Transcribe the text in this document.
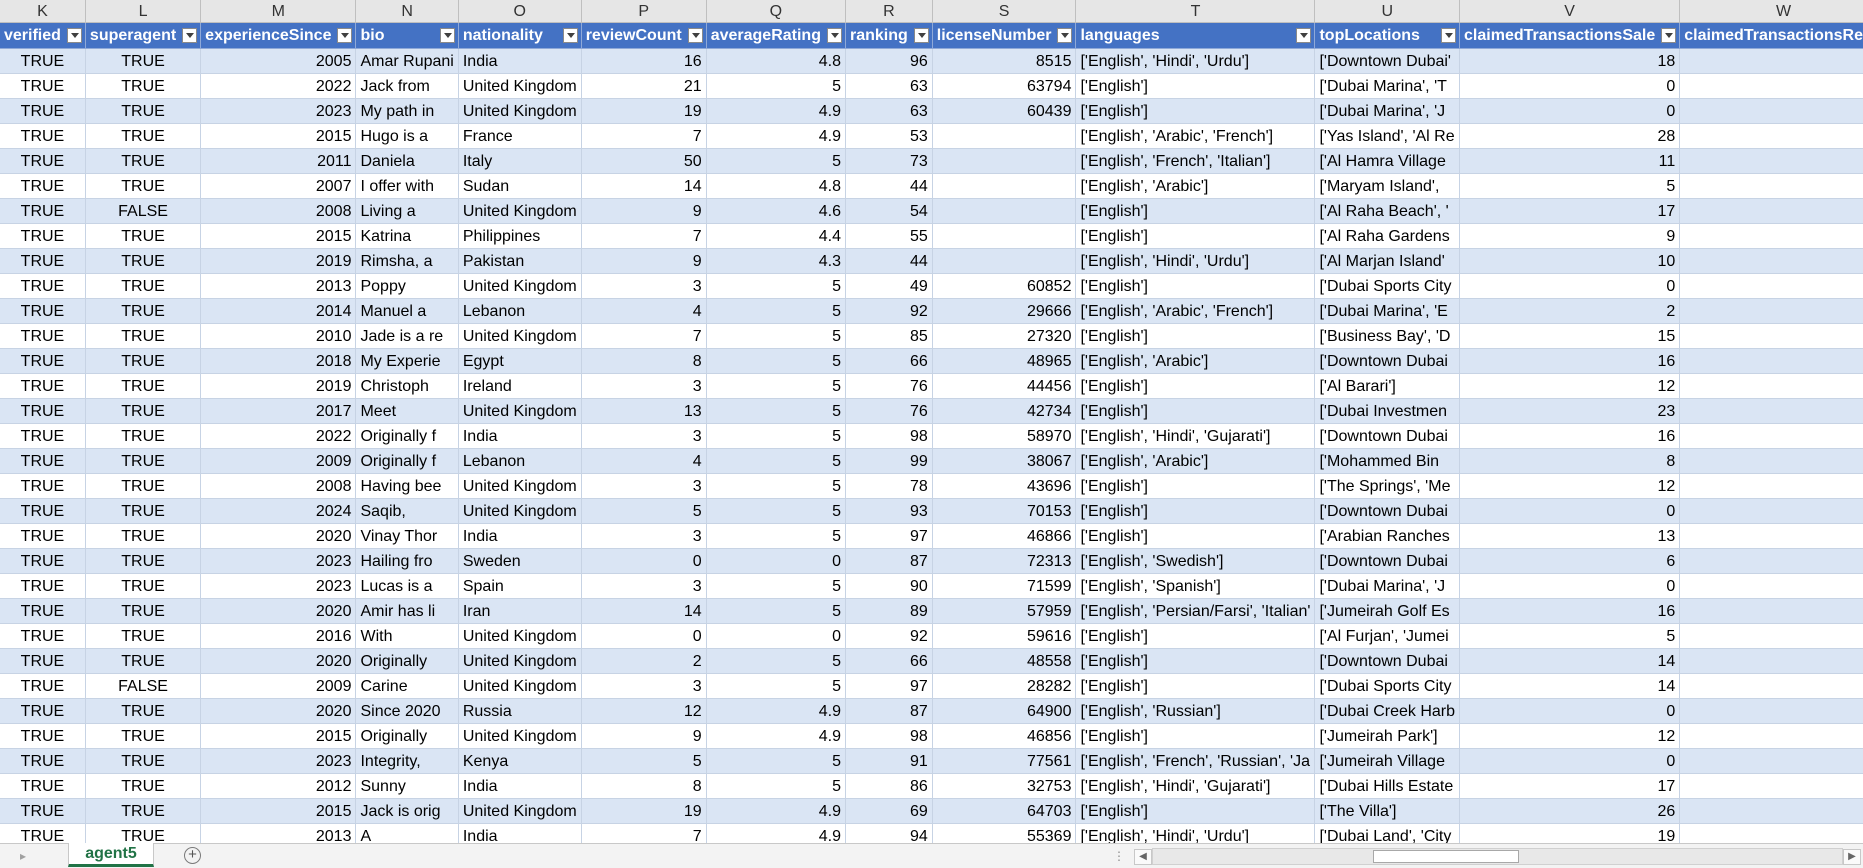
K	L	M	N	O	P	Q	R	S	T	U	V	W
verified	superagent	experienceSince	bio	nationality	reviewCount	averageRating	ranking	licenseNumber	languages	topLocations	claimedTransactionsSale	claimedTransactionsRe
TRUE	TRUE	2005	Amar Rupani	India	16	4.8	96	8515	['English', 'Hindi', 'Urdu']	['Downtown Dubai'	18	
TRUE	TRUE	2022	Jack from	United Kingdom	21	5	63	63794	['English']	['Dubai Marina', 'T	0	
TRUE	TRUE	2023	My path in	United Kingdom	19	4.9	63	60439	['English']	['Dubai Marina', 'J	0	
TRUE	TRUE	2015	Hugo is a	France	7	4.9	53		['English', 'Arabic', 'French']	['Yas Island', 'Al Re	28	
TRUE	TRUE	2011	Daniela	Italy	50	5	73		['English', 'French', 'Italian']	['Al Hamra Village	11	
TRUE	TRUE	2007	I offer with	Sudan	14	4.8	44		['English', 'Arabic']	['Maryam Island',	5	
TRUE	FALSE	2008	Living a	United Kingdom	9	4.6	54		['English']	['Al Raha Beach', '	17	
TRUE	TRUE	2015	Katrina	Philippines	7	4.4	55		['English']	['Al Raha Gardens	9	
TRUE	TRUE	2019	Rimsha, a	Pakistan	9	4.3	44		['English', 'Hindi', 'Urdu']	['Al Marjan Island'	10	
TRUE	TRUE	2013	Poppy	United Kingdom	3	5	49	60852	['English']	['Dubai Sports City	0	
TRUE	TRUE	2014	Manuel a	Lebanon	4	5	92	29666	['English', 'Arabic', 'French']	['Dubai Marina', 'E	2	
TRUE	TRUE	2010	Jade is a re	United Kingdom	7	5	85	27320	['English']	['Business Bay', 'D	15	
TRUE	TRUE	2018	My Experie	Egypt	8	5	66	48965	['English', 'Arabic']	['Downtown Dubai	16	
TRUE	TRUE	2019	Christoph	Ireland	3	5	76	44456	['English']	['Al Barari']	12	
TRUE	TRUE	2017	Meet	United Kingdom	13	5	76	42734	['English']	['Dubai Investmen	23	
TRUE	TRUE	2022	Originally f	India	3	5	98	58970	['English', 'Hindi', 'Gujarati']	['Downtown Dubai	16	
TRUE	TRUE	2009	Originally f	Lebanon	4	5	99	38067	['English', 'Arabic']	['Mohammed Bin	8	
TRUE	TRUE	2008	Having bee	United Kingdom	3	5	78	43696	['English']	['The Springs', 'Me	12	
TRUE	TRUE	2024	Saqib,	United Kingdom	5	5	93	70153	['English']	['Downtown Dubai	0	
TRUE	TRUE	2020	Vinay Thor	India	3	5	97	46866	['English']	['Arabian Ranches	13	
TRUE	TRUE	2023	Hailing fro	Sweden	0	0	87	72313	['English', 'Swedish']	['Downtown Dubai	6	
TRUE	TRUE	2023	Lucas is a	Spain	3	5	90	71599	['English', 'Spanish']	['Dubai Marina', 'J	0	
TRUE	TRUE	2020	Amir has li	Iran	14	5	89	57959	['English', 'Persian/Farsi', 'Italian'	['Jumeirah Golf Es	16	
TRUE	TRUE	2016	With	United Kingdom	0	0	92	59616	['English']	['Al Furjan', 'Jumei	5	
TRUE	TRUE	2020	Originally	United Kingdom	2	5	66	48558	['English']	['Downtown Dubai	14	
TRUE	FALSE	2009	Carine	United Kingdom	3	5	97	28282	['English']	['Dubai Sports City	14	
TRUE	TRUE	2020	Since 2020	Russia	12	4.9	87	64900	['English', 'Russian']	['Dubai Creek Harb	0	
TRUE	TRUE	2015	Originally	United Kingdom	9	4.9	98	46856	['English']	['Jumeirah Park']	12	
TRUE	TRUE	2023	Integrity,	Kenya	5	5	91	77561	['English', 'French', 'Russian', 'Ja	['Jumeirah Village	0	
TRUE	TRUE	2012	Sunny	India	8	5	86	32753	['English', 'Hindi', 'Gujarati']	['Dubai Hills Estate	17	
TRUE	TRUE	2015	Jack is orig	United Kingdom	19	4.9	69	64703	['English']	['The Villa']	26	
TRUE	TRUE	2013	A	India	7	4.9	94	55369	['English', 'Hindi', 'Urdu']	['Dubai Land', 'City	19	

▸	agent5	+	⋮	◀	▶
